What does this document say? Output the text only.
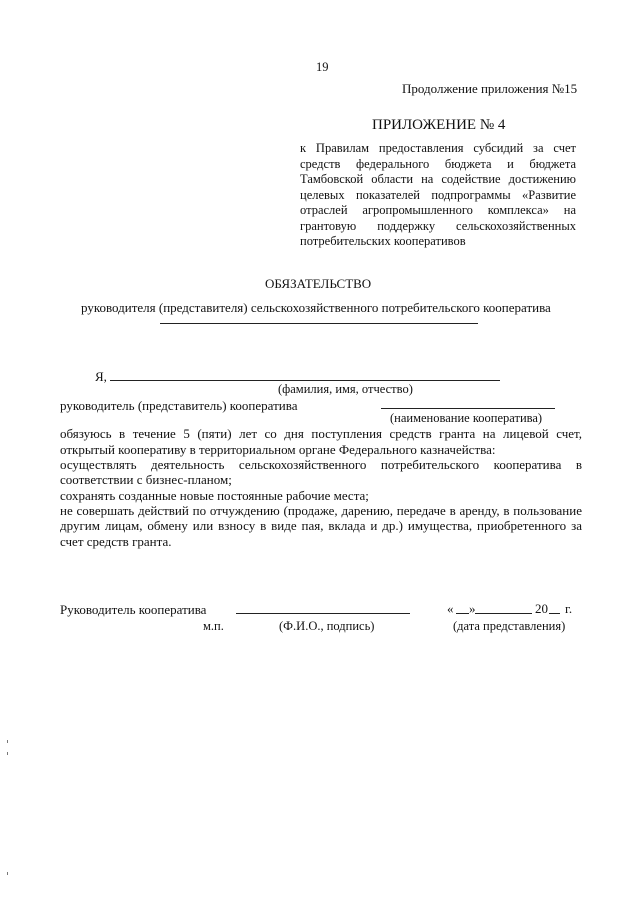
19
Продолжение приложения №15
ПРИЛОЖЕНИЕ № 4
к Правилам предоставления субсидий за счет
средств федерального бюджета и бюджета
Тамбовской области на содействие достижению
целевых показателей подпрограммы «Развитие
отраслей агропромышленного комплекса» на
грантовую поддержку сельскохозяйственных
потребительских кооперативов
ОБЯЗАТЕЛЬСТВО
руководителя (представителя) сельскохозяйственного потребительского кооператива
Я,
(фамилия, имя, отчество)
руководитель (представитель) кооператива
(наименование кооператива)
обязуюсь в течение 5 (пяти) лет со дня поступления средств гранта на лицевой счет,
открытый кооперативу в территориальном органе Федерального казначейства:
осуществлять деятельность сельскохозяйственного потребительского кооператива в
соответствии с бизнес-планом;
сохранять созданные новые постоянные рабочие места;
не совершать действий по отчуждению (продаже, дарению, передаче в аренду, в пользование
другим лицам, обмену или взносу в виде пая, вклада и др.) имущества, приобретенного за
счет средств гранта.
Руководитель кооператива
м.п.	(Ф.И.О., подпись)
« »	20 г.
(дата представления)
